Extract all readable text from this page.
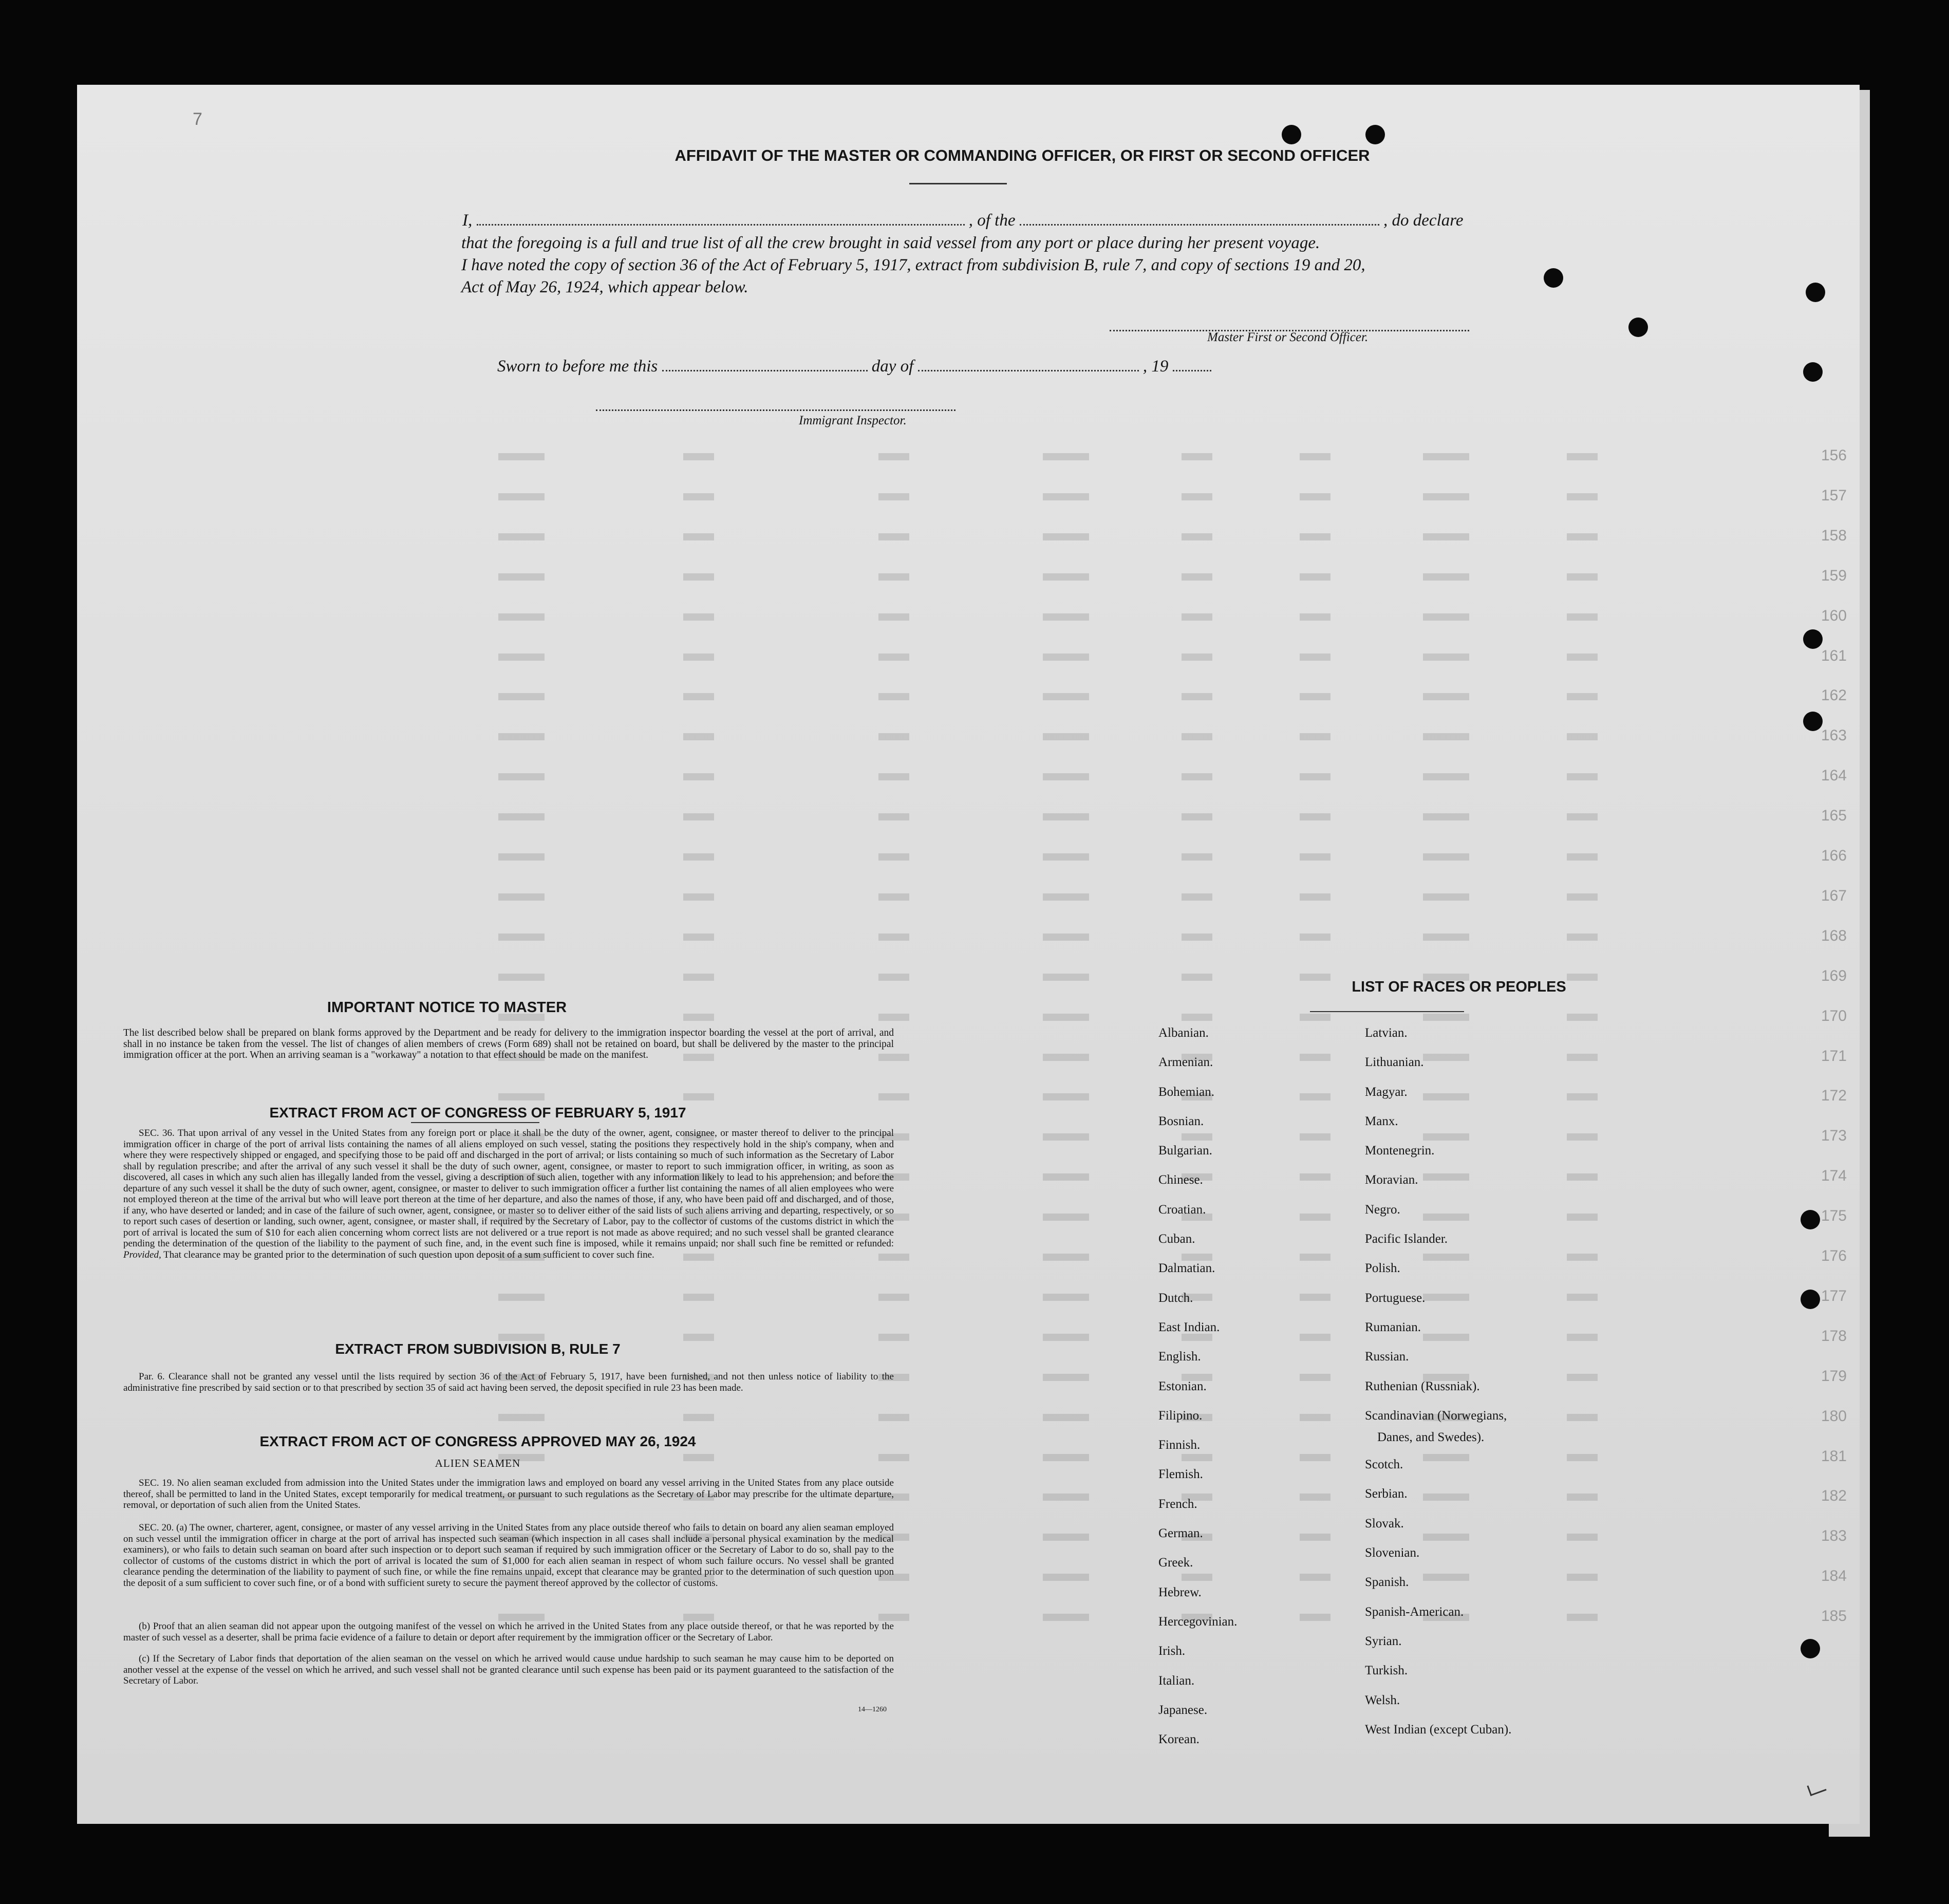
7
156
157
158
159
160
161
162
163
164
165
166
167
168
169
170
171
172
173
174
175
176
177
178
179
180
181
182
183
184
185
AFFIDAVIT OF THE MASTER OR COMMANDING OFFICER, OR FIRST OR SECOND OFFICER
I,	, of the	, do declare
that the foregoing is a full and true list of all the crew brought in said vessel from any port or place during her present voyage.
I have noted the copy of section 36 of the Act of February 5, 1917, extract from subdivision B, rule 7, and copy of sections 19 and 20,
Act of May 26, 1924, which appear below.
Master First or Second Officer.
Sworn to before me this	day of	, 19
Immigrant Inspector.
IMPORTANT NOTICE TO MASTER
The list described below shall be prepared on blank forms approved by the Department and be ready for delivery to the immigration inspector boarding the vessel at the port of arrival, and shall in no instance be taken from the vessel. The list of changes of alien members of crews (Form 689) shall not be retained on board, but shall be delivered by the master to the principal immigration officer at the port. When an arriving seaman is a "workaway" a notation to that effect should be made on the manifest.
EXTRACT FROM ACT OF CONGRESS OF FEBRUARY 5, 1917
SEC. 36. That upon arrival of any vessel in the United States from any foreign port or place it shall be the duty of the owner, agent, consignee, or master thereof to deliver to the principal immigration officer in charge of the port of arrival lists containing the names of all aliens employed on such vessel, stating the positions they respectively hold in the ship's company, when and where they were respectively shipped or engaged, and specifying those to be paid off and discharged in the port of arrival; or lists containing so much of such information as the Secretary of Labor shall by regulation prescribe; and after the arrival of any such vessel it shall be the duty of such owner, agent, consignee, or master to report to such immigration officer, in writing, as soon as discovered, all cases in which any such alien has illegally landed from the vessel, giving a description of such alien, together with any information likely to lead to his apprehension; and before the departure of any such vessel it shall be the duty of such owner, agent, consignee, or master to deliver to such immigration officer a further list containing the names of all alien employees who were not employed thereon at the time of the arrival but who will leave port thereon at the time of her departure, and also the names of those, if any, who have been paid off and discharged, and of those, if any, who have deserted or landed; and in case of the failure of such owner, agent, consignee, or master so to deliver either of the said lists of such aliens arriving and departing, respectively, or so to report such cases of desertion or landing, such owner, agent, consignee, or master shall, if required by the Secretary of Labor, pay to the collector of customs of the customs district in which the port of arrival is located the sum of $10 for each alien concerning whom correct lists are not delivered or a true report is not made as above required; and no such vessel shall be granted clearance pending the determination of the question of the liability to the payment of such fine, and, in the event such fine is imposed, while it remains unpaid; nor shall such fine be remitted or refunded: Provided, That clearance may be granted prior to the determination of such question upon deposit of a sum sufficient to cover such fine.
EXTRACT FROM SUBDIVISION B, RULE 7
Par. 6. Clearance shall not be granted any vessel until the lists required by section 36 of the Act of February 5, 1917, have been furnished, and not then unless notice of liability to the administrative fine prescribed by said section or to that prescribed by section 35 of said act having been served, the deposit specified in rule 23 has been made.
EXTRACT FROM ACT OF CONGRESS APPROVED MAY 26, 1924
ALIEN SEAMEN
SEC. 19. No alien seaman excluded from admission into the United States under the immigration laws and employed on board any vessel arriving in the United States from any place outside thereof, shall be permitted to land in the United States, except temporarily for medical treatment, or pursuant to such regulations as the Secretary of Labor may prescribe for the ultimate departure, removal, or deportation of such alien from the United States.
SEC. 20. (a) The owner, charterer, agent, consignee, or master of any vessel arriving in the United States from any place outside thereof who fails to detain on board any alien seaman employed on such vessel until the immigration officer in charge at the port of arrival has inspected such seaman (which inspection in all cases shall include a personal physical examination by the medical examiners), or who fails to detain such seaman on board after such inspection or to deport such seaman if required by such immigration officer or the Secretary of Labor to do so, shall pay to the collector of customs of the customs district in which the port of arrival is located the sum of $1,000 for each alien seaman in respect of whom such failure occurs. No vessel shall be granted clearance pending the determination of the liability to payment of such fine, or while the fine remains unpaid, except that clearance may be granted prior to the determination of such question upon the deposit of a sum sufficient to cover such fine, or of a bond with sufficient surety to secure the payment thereof approved by the collector of customs.
(b) Proof that an alien seaman did not appear upon the outgoing manifest of the vessel on which he arrived in the United States from any place outside thereof, or that he was reported by the master of such vessel as a deserter, shall be prima facie evidence of a failure to detain or deport after requirement by the immigration officer or the Secretary of Labor.
(c) If the Secretary of Labor finds that deportation of the alien seaman on the vessel on which he arrived would cause undue hardship to such seaman he may cause him to be deported on another vessel at the expense of the vessel on which he arrived, and such vessel shall not be granted clearance until such expense has been paid or its payment guaranteed to the satisfaction of the Secretary of Labor.
14—1260
LIST OF RACES OR PEOPLES
Albanian.
Armenian.
Bohemian.
Bosnian.
Bulgarian.
Chinese.
Croatian.
Cuban.
Dalmatian.
Dutch.
East Indian.
English.
Estonian.
Filipino.
Finnish.
Flemish.
French.
German.
Greek.
Hebrew.
Hercegovinian.
Irish.
Italian.
Japanese.
Korean.
Latvian.
Lithuanian.
Magyar.
Manx.
Montenegrin.
Moravian.
Negro.
Pacific Islander.
Polish.
Portuguese.
Rumanian.
Russian.
Ruthenian (Russniak).
Scandinavian (Norwegians,
Danes, and Swedes).
Scotch.
Serbian.
Slovak.
Slovenian.
Spanish.
Spanish-American.
Syrian.
Turkish.
Welsh.
West Indian (except Cuban).
